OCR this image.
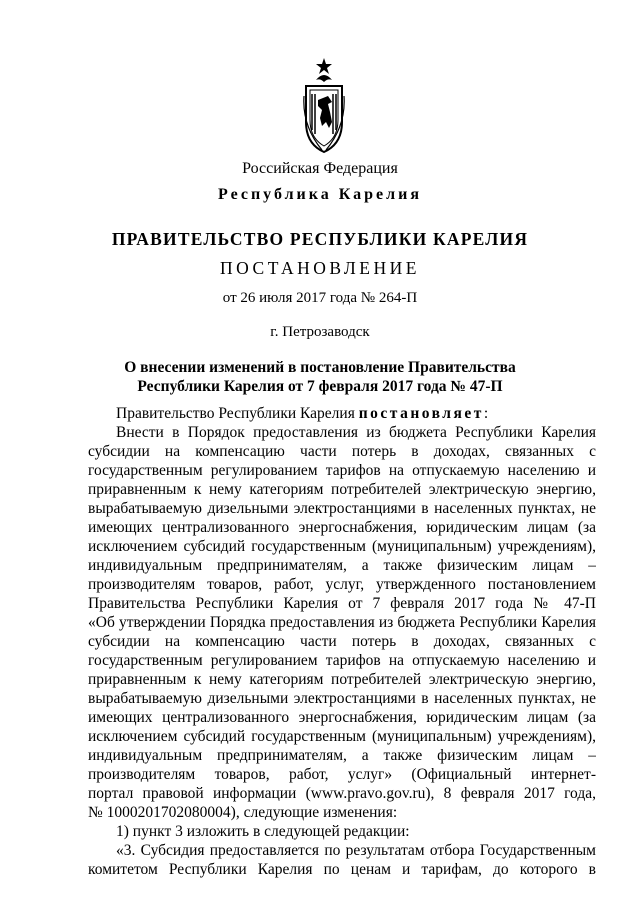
Российская Федерация
Республика Карелия
ПРАВИТЕЛЬСТВО РЕСПУБЛИКИ КАРЕЛИЯ
ПОСТАНОВЛЕНИЕ
от 26 июля 2017 года № 264-П
г. Петрозаводск
О внесении изменений в постановление Правительства
Республики Карелия от 7 февраля 2017 года № 47-П
Правительство Республики Карелия постановляет:
Внести в Порядок предоставления из бюджета Республики Карелия
субсидии на компенсацию части потерь в доходах, связанных с
государственным регулированием тарифов на отпускаемую населению и
приравненным к нему категориям потребителей электрическую энергию,
вырабатываемую дизельными электростанциями в населенных пунктах, не
имеющих централизованного энергоснабжения, юридическим лицам (за
исключением субсидий государственным (муниципальным) учреждениям),
индивидуальным предпринимателям, а также физическим лицам –
производителям товаров, работ, услуг, утвержденного постановлением
Правительства Республики Карелия от 7 февраля 2017 года № 47-П
«Об утверждении Порядка предоставления из бюджета Республики Карелия
субсидии на компенсацию части потерь в доходах, связанных с
государственным регулированием тарифов на отпускаемую населению и
приравненным к нему категориям потребителей электрическую энергию,
вырабатываемую дизельными электростанциями в населенных пунктах, не
имеющих централизованного энергоснабжения, юридическим лицам (за
исключением субсидий государственным (муниципальным) учреждениям),
индивидуальным предпринимателям, а также физическим лицам –
производителям товаров, работ, услуг» (Официальный интернет-
портал правовой информации (www.pravo.gov.ru), 8 февраля 2017 года,
№ 1000201702080004), следующие изменения:
1) пункт 3 изложить в следующей редакции:
«3. Субсидия предоставляется по результатам отбора Государственным
комитетом Республики Карелия по ценам и тарифам, до которого в
